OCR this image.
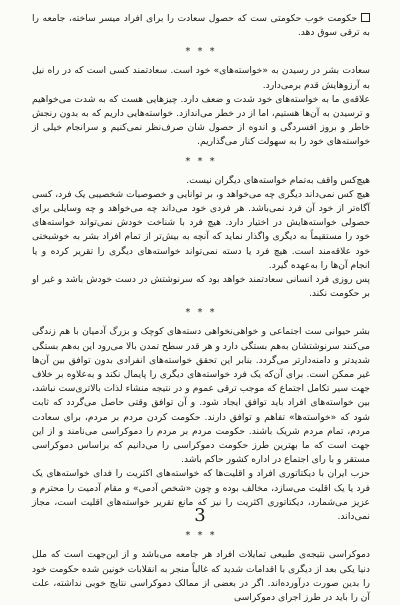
حکومت خوب حکومتی ست که حصول سعادت را برای افراد میسر ساخته، جامعه را به ترقی سوق دهد.

* * *

سعادت بشر در رسیدن به «خواسته‌های» خود است. سعادتمند کسی است که در راه نیل به آرزوهایش قدم برمی‌دارد.

علاقه‌ی ما به خواسته‌های خود شدت و ضعف دارد. چیزهایی هست که به شدت می‌خواهیم و ترسیدن به آن‌ها هستیم، اما از در خطر می‌اندازد. خواسته‌هایی داریم که به بدون رنجش خاطر و بروز افسردگی و اندوه از حصول شان صرف‌نظر نمی‌کنیم و سرانجام خیلی از خواسته‌های خود را به سهولت کنار می‌گذاریم.

* * *

هیچ‌کس واقف به‌تمام خواسته‌های دیگران نیست.

هیچ کس نمی‌داند دیگری چه می‌خواهد و، بر توانایی و خصوصیات شخصیبی یک فرد، کسی آگاه‌تر از خود آن فرد نمی‌باشد. هر فردی خود می‌داند چه می‌خواهد و چه وسایلی برای حصولی خواسته‌هایش در اختیار دارد. هیچ فرد با شناخت خودش نمی‌تواند خواسته‌های خود را مستقیماً به دیگری واگذار نماید که آنچه به بیش‌تر از تمام افراد بشر به خوشبختی خود علاقه‌مند است. هیچ فرد یا دسته نمی‌تواند خواسته‌های دیگری را تقریر کرده و یا انجام آن‌ها را به‌عهده گیرد.

پس روزی فرد انسانی سعادتمند خواهد بود که سرنوشتش در دست خودش باشد و غیر او بر حکومت نکند.

* * *

بشر حیوانی ست اجتماعی و خواهی‌نخواهی دسته‌های کوچک و بزرگ آدمیان با هم زندگی می‌کنند سرنوشتشان به‌هم بستگی دارد و هر قدر سطح تمدن بالا می‌رود این به‌هم بستگی شدیدتر و دامنه‌دارتر می‌گردد. بنابر این تحقق خواسته‌های انفرادی بدون توافق بین آن‌ها غیر ممکن است. برای آن‌که یک فرد خواسته‌های دیگری را پایمال نکند و به‌علاوه بر خلاف جهت سیر تکامل اجتماع که موجب ترقی عموم و در نتیجه منشاء لذات بالاتری‌ست نباشد، بین خواسته‌های افراد باید توافق ایجاد شود. و آن توافق وقتی حاصل می‌گردد که ثابت شود که «خواسته‌ها» تفاهم و توافق دارند. حکومت کردن مردم بر مردم، برای سعادت مردم، تمام مردم شریک باشند. حکومت مردم بر مردم را دموکراسی می‌نامند و از این جهت است که ما بهترین طرز حکومت دموکراسی را می‌دانیم که براساس دموکراسی مستقر و با رای اجتماع در اداره کشور حاکم باشد.

حزب ایران با دیکتاتوری افراد و اقلیت‌ها که خواسته‌های اکثریت را فدای خواسته‌های یک فرد یا یک اقلیت می‌سازد، مخالف بوده و چون «شخص آدمی» و مقام آدمیت را محترم و عزیز می‌شمارد، دیکتاتوری اکثریت را نیز که مانع تقریر خواسته‌های اقلیت است، مجاز نمی‌داند.

* * *

دموکراسی نتیجه‌ی طبیعی تمایلات افراد هر جامعه می‌باشد و از این‌جهت است که ملل دنیا یکی بعد از دیگری با اقدامات شدید که غالباً منجر به انقلابات خونین شده حکومت خود را بدین صورت درآورده‌اند. اگر در بعضی از ممالک دموکراسی نتایج خوبی نداشته، علت آن را باید در طرز اجرای دموکراسی

3
